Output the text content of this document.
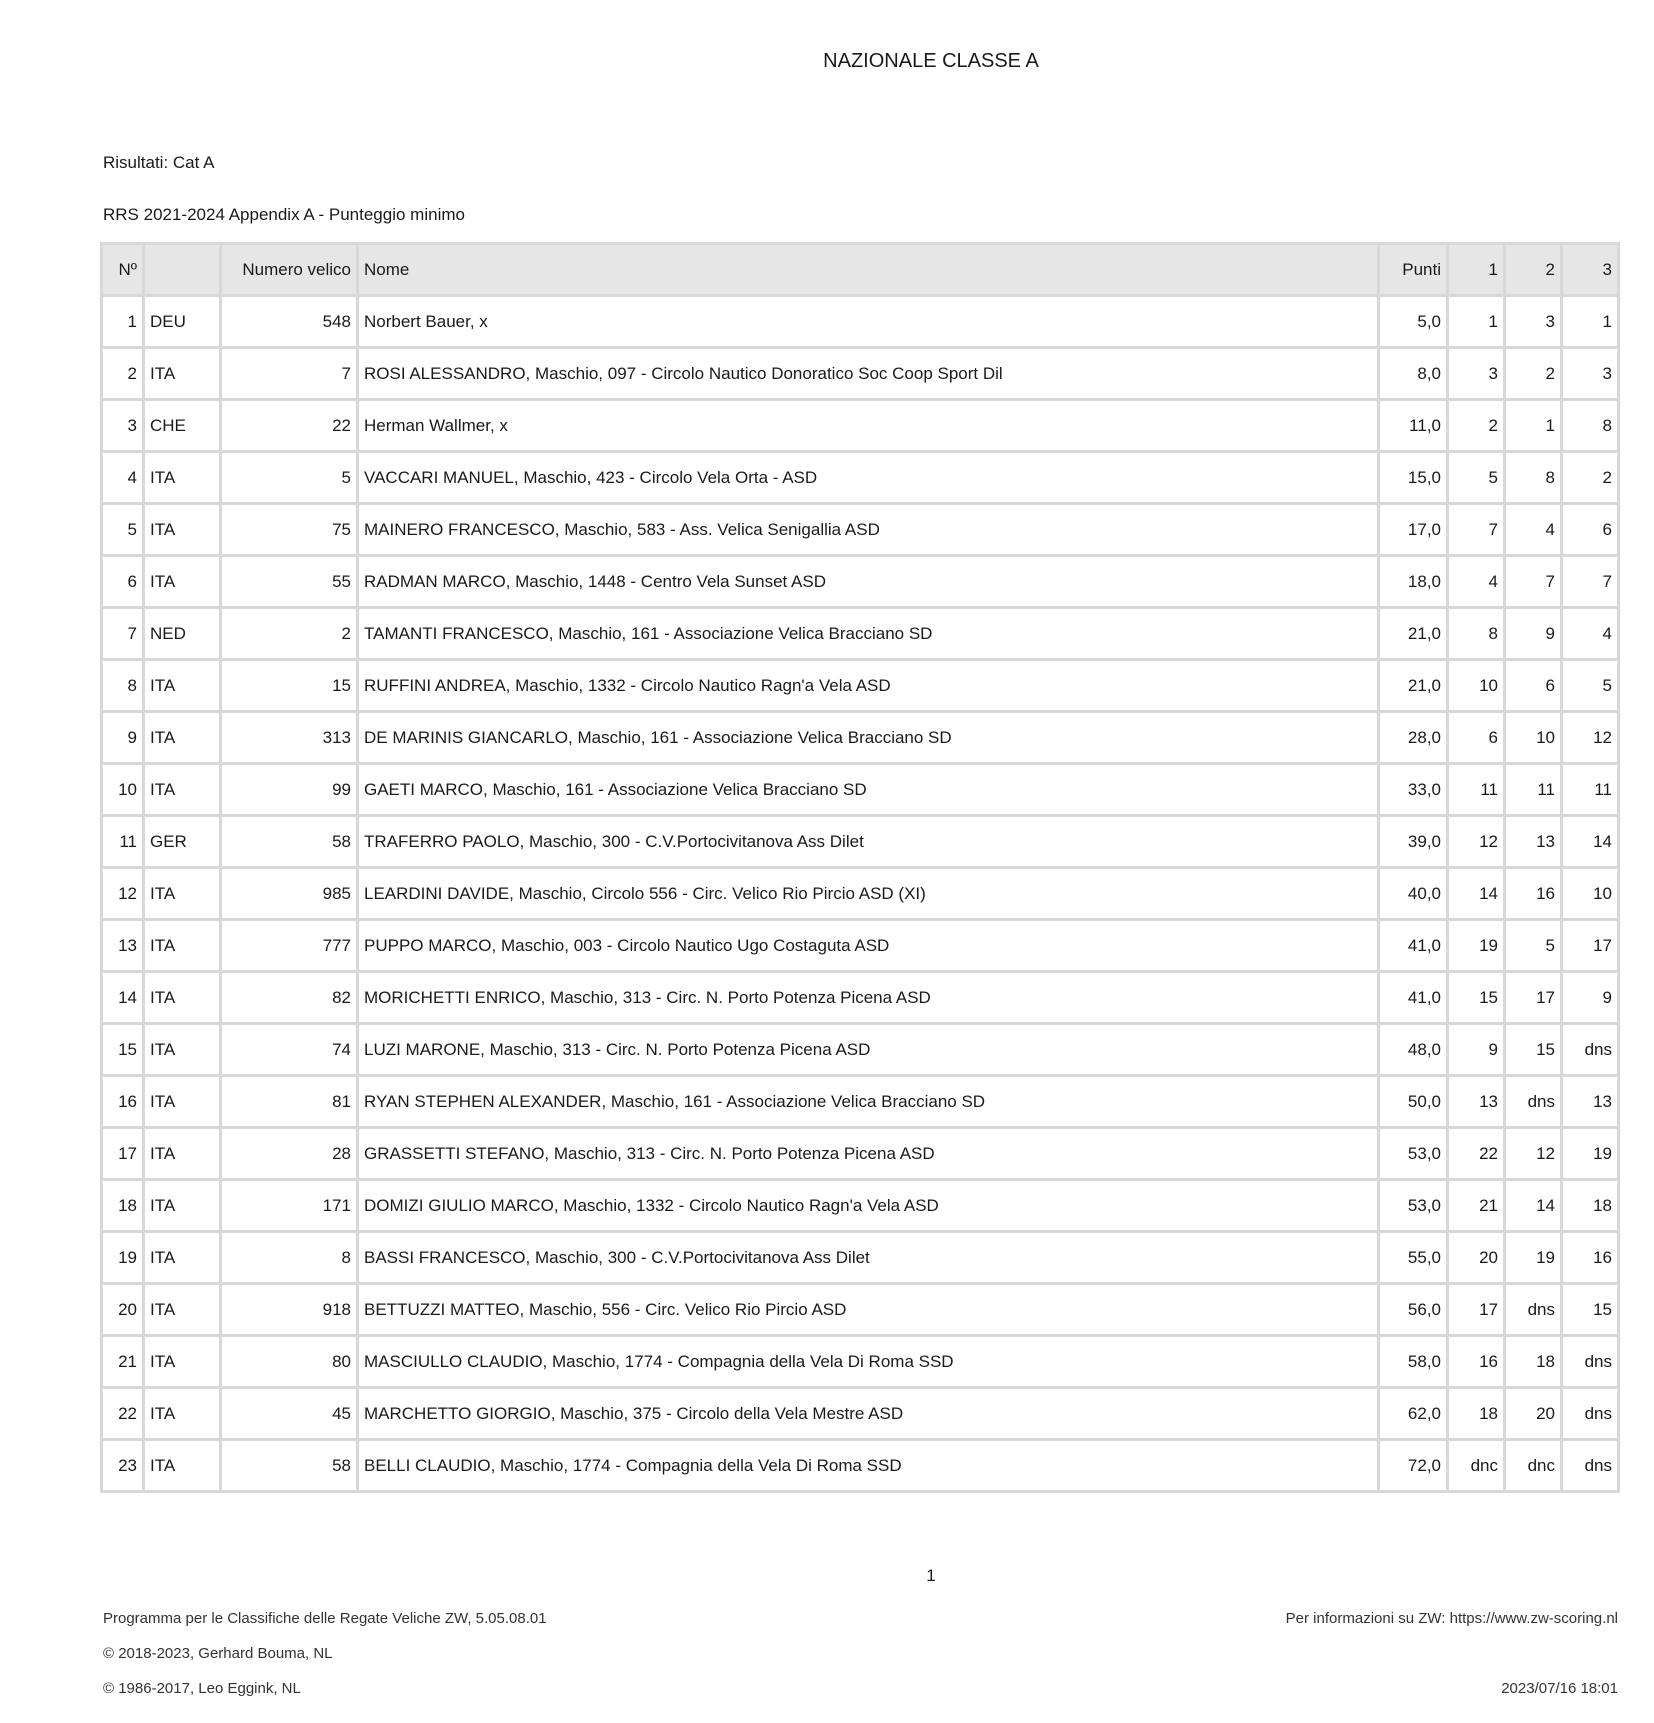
NAZIONALE CLASSE A
Risultati: Cat A
RRS 2021-2024 Appendix A - Punteggio minimo
Nº		Numero velico	Nome	Punti	1	2	3
1	DEU	548	Norbert Bauer, x	5,0	1	3	1
2	ITA	7	ROSI ALESSANDRO, Maschio, 097 - Circolo Nautico Donoratico Soc Coop Sport Dil	8,0	3	2	3
3	CHE	22	Herman Wallmer, x	11,0	2	1	8
4	ITA	5	VACCARI MANUEL, Maschio, 423 - Circolo Vela Orta - ASD	15,0	5	8	2
5	ITA	75	MAINERO FRANCESCO, Maschio, 583 - Ass. Velica Senigallia ASD	17,0	7	4	6
6	ITA	55	RADMAN MARCO, Maschio, 1448 - Centro Vela Sunset ASD	18,0	4	7	7
7	NED	2	TAMANTI FRANCESCO, Maschio, 161 - Associazione Velica Bracciano SD	21,0	8	9	4
8	ITA	15	RUFFINI ANDREA, Maschio, 1332 - Circolo Nautico Ragn'a Vela ASD	21,0	10	6	5
9	ITA	313	DE MARINIS GIANCARLO, Maschio, 161 - Associazione Velica Bracciano SD	28,0	6	10	12
10	ITA	99	GAETI MARCO, Maschio, 161 - Associazione Velica Bracciano SD	33,0	11	11	11
11	GER	58	TRAFERRO PAOLO, Maschio, 300 - C.V.Portocivitanova Ass Dilet	39,0	12	13	14
12	ITA	985	LEARDINI DAVIDE, Maschio, Circolo 556 - Circ. Velico Rio Pircio ASD (XI)	40,0	14	16	10
13	ITA	777	PUPPO MARCO, Maschio, 003 - Circolo Nautico Ugo Costaguta ASD	41,0	19	5	17
14	ITA	82	MORICHETTI ENRICO, Maschio, 313 - Circ. N. Porto Potenza Picena ASD	41,0	15	17	9
15	ITA	74	LUZI MARONE, Maschio, 313 - Circ. N. Porto Potenza Picena ASD	48,0	9	15	dns
16	ITA	81	RYAN STEPHEN ALEXANDER, Maschio, 161 - Associazione Velica Bracciano SD	50,0	13	dns	13
17	ITA	28	GRASSETTI STEFANO, Maschio, 313 - Circ. N. Porto Potenza Picena ASD	53,0	22	12	19
18	ITA	171	DOMIZI GIULIO MARCO, Maschio, 1332 - Circolo Nautico Ragn'a Vela ASD	53,0	21	14	18
19	ITA	8	BASSI FRANCESCO, Maschio, 300 - C.V.Portocivitanova Ass Dilet	55,0	20	19	16
20	ITA	918	BETTUZZI MATTEO, Maschio, 556 - Circ. Velico Rio Pircio ASD	56,0	17	dns	15
21	ITA	80	MASCIULLO CLAUDIO, Maschio, 1774 - Compagnia della Vela Di Roma SSD	58,0	16	18	dns
22	ITA	45	MARCHETTO GIORGIO, Maschio, 375 - Circolo della Vela Mestre ASD	62,0	18	20	dns
23	ITA	58	BELLI CLAUDIO, Maschio, 1774 - Compagnia della Vela Di Roma SSD	72,0	dnc	dnc	dns
1
Programma per le Classifiche delle Regate Veliche ZW, 5.05.08.01
© 2018-2023, Gerhard Bouma, NL
© 1986-2017, Leo Eggink, NL
Per informazioni su ZW: https://www.zw-scoring.nl
2023/07/16 18:01
